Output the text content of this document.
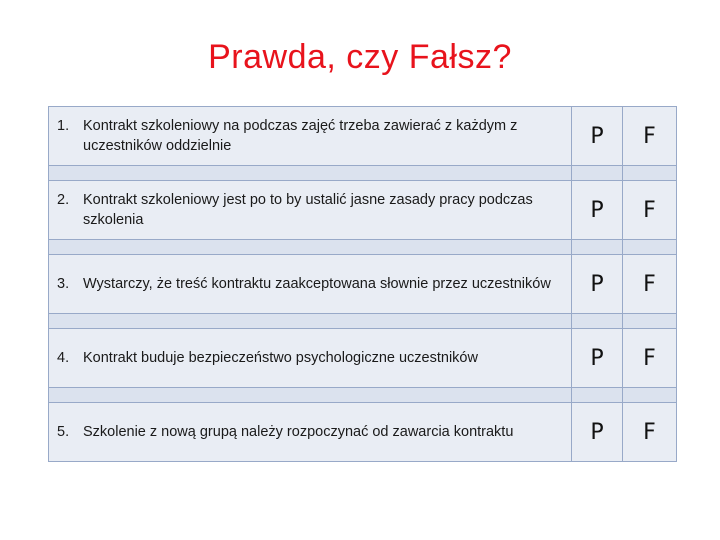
Prawda, czy Fałsz?
1. Kontrakt szkoleniowy na podczas zajęć trzeba zawierać z każdym z uczestników oddzielnie	P	F

2. Kontrakt szkoleniowy jest po to by ustalić jasne zasady pracy podczas szkolenia	P	F

3. Wystarczy, że treść kontraktu zaakceptowana słownie przez uczestników	P	F

4. Kontrakt buduje bezpieczeństwo psychologiczne uczestników	P	F

5. Szkolenie z nową grupą należy rozpoczynać od zawarcia kontraktu	P	F
